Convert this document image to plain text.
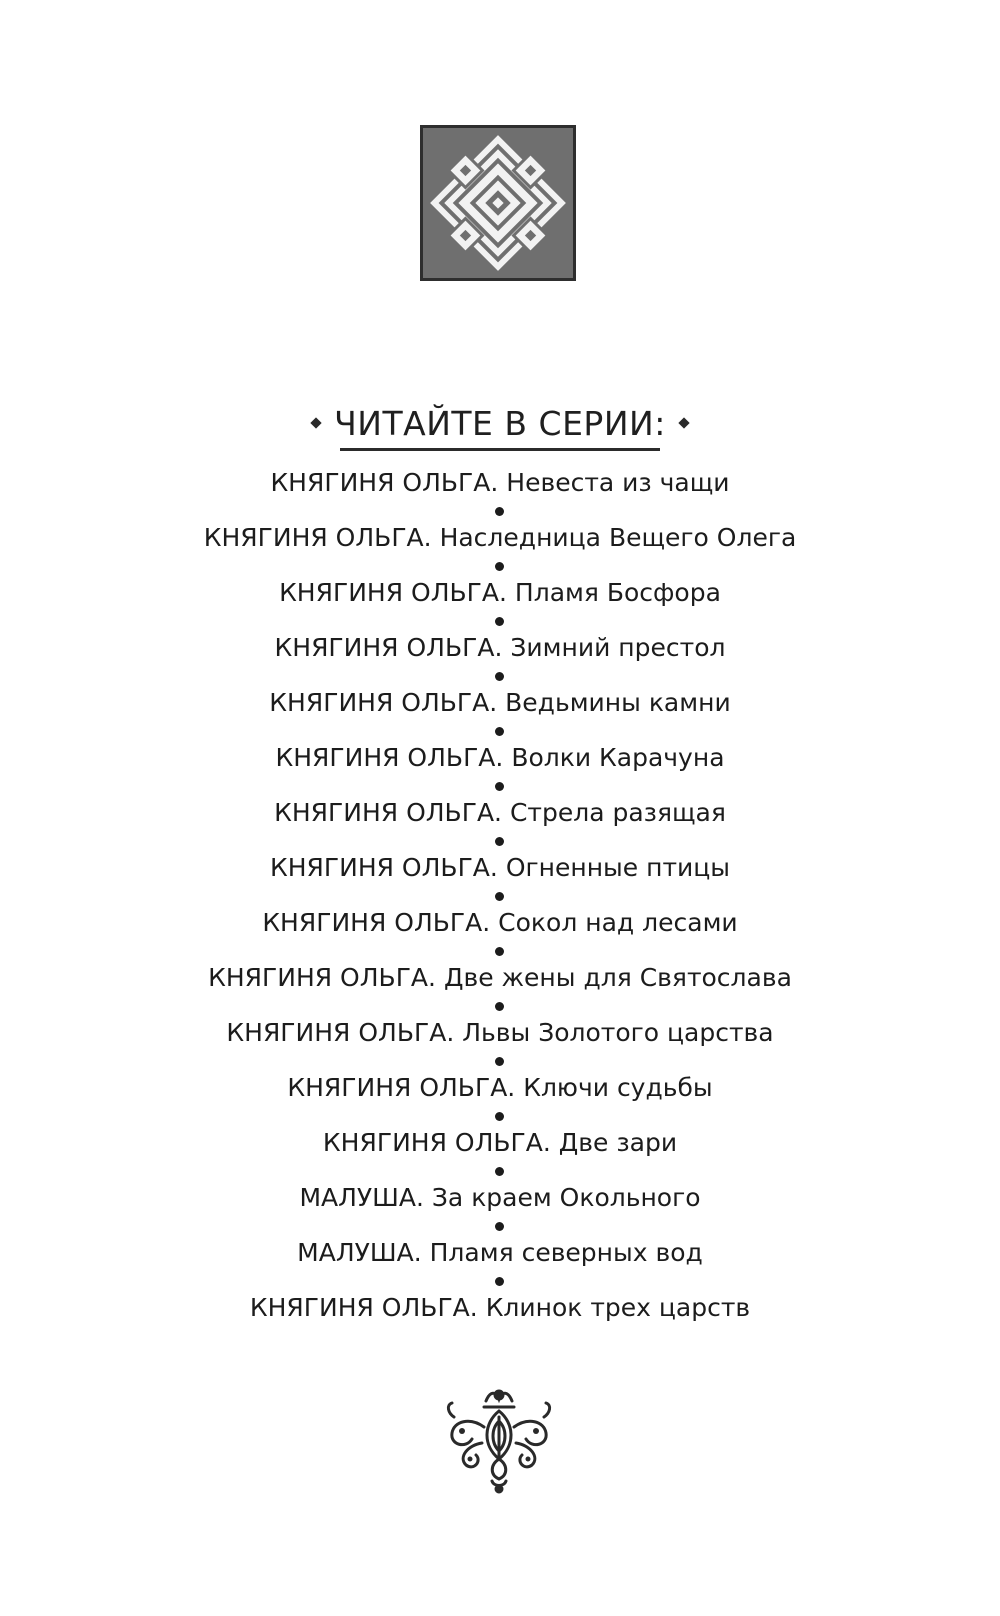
ЧИТАЙТЕ В СЕРИИ:
КНЯГИНЯ ОЛЬГА. Невеста из чащи
КНЯГИНЯ ОЛЬГА. Наследница Вещего Олега
КНЯГИНЯ ОЛЬГА. Пламя Босфора
КНЯГИНЯ ОЛЬГА. Зимний престол
КНЯГИНЯ ОЛЬГА. Ведьмины камни
КНЯГИНЯ ОЛЬГА. Волки Карачуна
КНЯГИНЯ ОЛЬГА. Стрела разящая
КНЯГИНЯ ОЛЬГА. Огненные птицы
КНЯГИНЯ ОЛЬГА. Сокол над лесами
КНЯГИНЯ ОЛЬГА. Две жены для Святослава
КНЯГИНЯ ОЛЬГА. Львы Золотого царства
КНЯГИНЯ ОЛЬГА. Ключи судьбы
КНЯГИНЯ ОЛЬГА. Две зари
МАЛУША. За краем Окольного
МАЛУША. Пламя северных вод
КНЯГИНЯ ОЛЬГА. Клинок трех царств
